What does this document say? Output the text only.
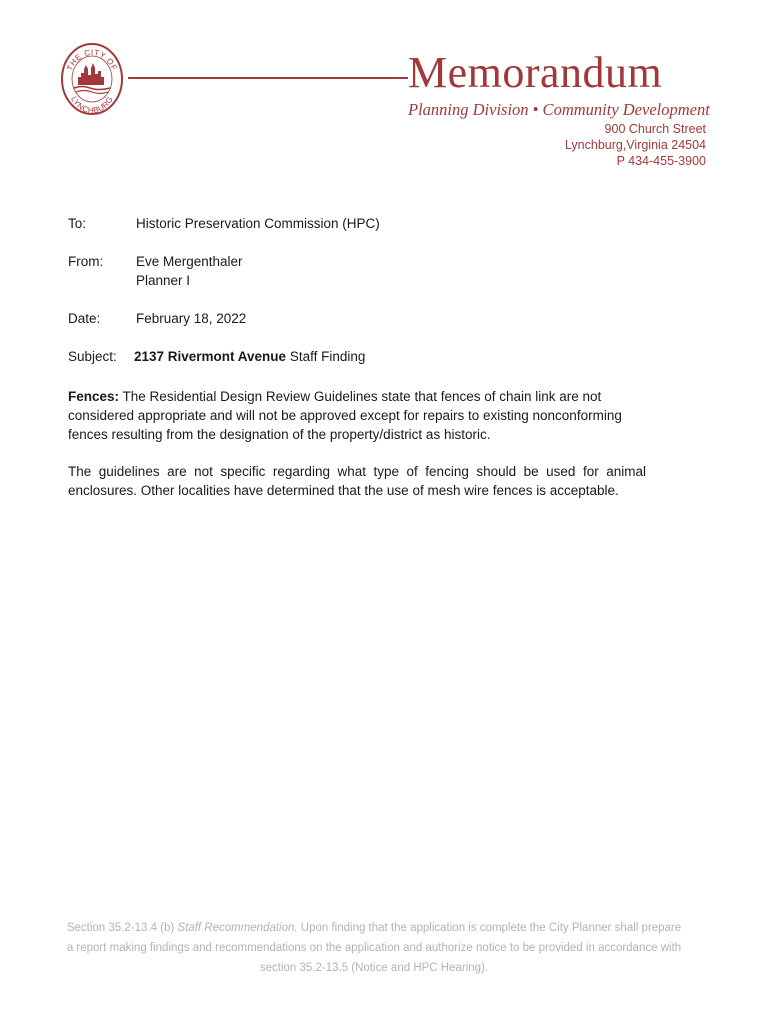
THE CITY OF
LYNCHBURG
Memorandum
Planning Division • Community Development
900 Church Street
Lynchburg,Virginia 24504
P 434-455-3900
To:	Historic Preservation Commission (HPC)
From: Eve Mergenthaler
Planner I
Date:	February 18, 2022
Subject: 2137 Rivermont Avenue Staff Finding
Fences: The Residential Design Review Guidelines state that fences of chain link are not considered appropriate and will not be approved except for repairs to existing nonconforming fences resulting from the designation of the property/district as historic.
The guidelines are not specific regarding what type of fencing should be used for animal enclosures. Other localities have determined that the use of mesh wire fences is acceptable.
Section 35.2-13.4 (b) Staff Recommendation. Upon finding that the application is complete the City Planner shall prepare a report making findings and recommendations on the application and authorize notice to be provided in accordance with section 35.2-13.5 (Notice and HPC Hearing).
